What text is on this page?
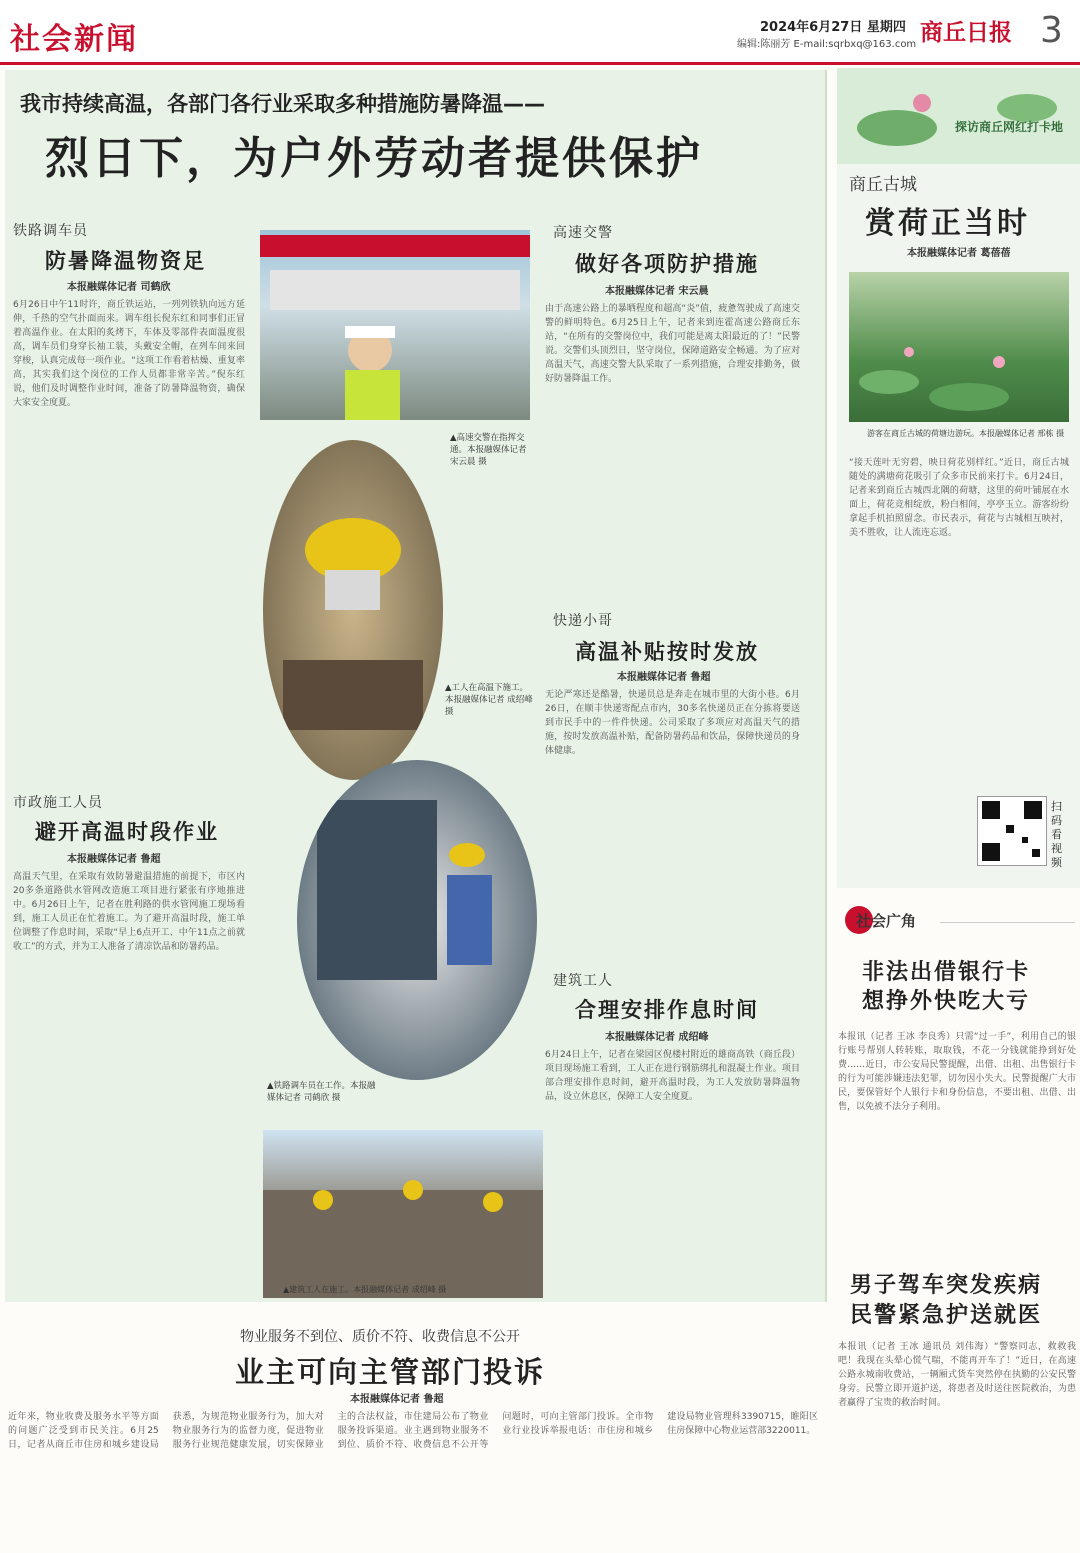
社会新闻	2024年6月27日 星期四
编辑:陈丽芳 E-mail:sqrbxq@163.com 商丘日报 3
我市持续高温，各部门各行业采取多种措施防暑降温——
烈日下，为户外劳动者提供保护
铁路调车员
防暑降温物资足
本报融媒体记者 司鹤欣
6月26日中午11时许，商丘铁运站，一列列铁轨向远方延伸，千热的空气扑面而来。调车组长倪东红和同事们正冒着高温作业。在太阳的炙烤下，车体及零部件表面温度很高，调车员们身穿长袖工装，头戴安全帽，在列车间来回穿梭，认真完成每一项作业。“这项工作看着枯燥、重复率高，其实我们这个岗位的工作人员都非常辛苦。”倪东红说，他们及时调整作业时间，准备了防暑降温物资，确保大家安全度夏。
市政施工人员
避开高温时段作业
本报融媒体记者 鲁超
高温天气里，在采取有效防暑避温措施的前提下，市区内20多条道路供水管网改造施工项目进行紧张有序地推进中。6月26日上午，记者在胜利路的供水管网施工现场看到，施工人员正在忙着施工。为了避开高温时段，施工单位调整了作息时间，采取“早上6点开工、中午11点之前就收工”的方式，并为工人准备了清凉饮品和防暑药品。
▲高速交警在指挥交通。本报融媒体记者 宋云晨 摄
▲工人在高温下施工。本报融媒体记者 成绍峰 摄
▲铁路调车员在工作。本报融媒体记者 司鹤欣 摄
▲建筑工人在施工。本报融媒体记者 成绍峰 摄
高速交警
做好各项防护措施
本报融媒体记者 宋云晨
由于高速公路上的暴晒程度和超高“炎”值，疲惫驾驶成了高速交警的鲜明特色。6月25日上午，记者来到连霍高速公路商丘东站，“在所有的交警岗位中，我们可能是离太阳最近的了！”民警说。交警们头顶烈日，坚守岗位，保障道路安全畅通。为了应对高温天气，高速交警大队采取了一系列措施，合理安排勤务，做好防暑降温工作。
快递小哥
高温补贴按时发放
本报融媒体记者 鲁超
无论严寒还是酷暑，快递员总是奔走在城市里的大街小巷。6月26日，在顺丰快递寄配点市内，30多名快递员正在分拣将要送到市民手中的一件件快递。公司采取了多项应对高温天气的措施，按时发放高温补贴，配备防暑药品和饮品，保障快递员的身体健康。
建筑工人
合理安排作息时间
本报融媒体记者 成绍峰
6月24日上午，记者在梁园区倪楼村附近的雄商高铁（商丘段）项目现场施工看到，工人正在进行钢筋绑扎和混凝土作业。项目部合理安排作息时间，避开高温时段，为工人发放防暑降温物品，设立休息区，保障工人安全度夏。
物业服务不到位、质价不符、收费信息不公开
业主可向主管部门投诉
本报融媒体记者 鲁超
近年来，物业收费及服务水平等方面的问题广泛受到市民关注。6月25日，记者从商丘市住房和城乡建设局获悉，为规范物业服务行为，加大对物业服务行为的监督力度，促进物业服务行业规范健康发展，切实保障业主的合法权益，市住建局公布了物业服务投诉渠道。业主遇到物业服务不到位、质价不符、收费信息不公开等问题时，可向主管部门投诉。全市物业行业投诉举报电话：市住房和城乡建设局物业管理科3390715，睢阳区住房保障中心物业运营部3220011。
探访商丘网红打卡地
商丘古城
赏荷正当时
本报融媒体记者 葛蓓蓓
游客在商丘古城的荷塘边游玩。本报融媒体记者 邢栋 摄
“接天莲叶无穷碧，映日荷花别样红。”近日，商丘古城随处的满塘荷花吸引了众多市民前来打卡。6月24日，记者来到商丘古城西北隅的荷塘，这里的荷叶铺展在水面上，荷花竞相绽放，粉白相间，亭亭玉立。游客纷纷拿起手机拍照留念。市民表示，荷花与古城相互映衬，美不胜收，让人流连忘返。
扫码看视频
社会广角
非法出借银行卡
想挣外快吃大亏
本报讯（记者 王冰 李良秀）只需“过一手”，利用自己的银行账号帮别人转转账，取取钱，不花一分钱就能挣到好处费……近日，市公安局民警提醒，出借、出租、出售银行卡的行为可能涉嫌违法犯罪，切勿因小失大。民警提醒广大市民，要保管好个人银行卡和身份信息，不要出租、出借、出售，以免被不法分子利用。
男子驾车突发疾病
民警紧急护送就医
本报讯（记者 王冰 通讯员 刘伟海）“警察同志，救救我吧！我现在头晕心慌气喘，不能再开车了！”近日，在高速公路永城南收费站，一辆厢式货车突然停在执勤的公安民警身旁。民警立即开道护送，将患者及时送往医院救治，为患者赢得了宝贵的救治时间。
